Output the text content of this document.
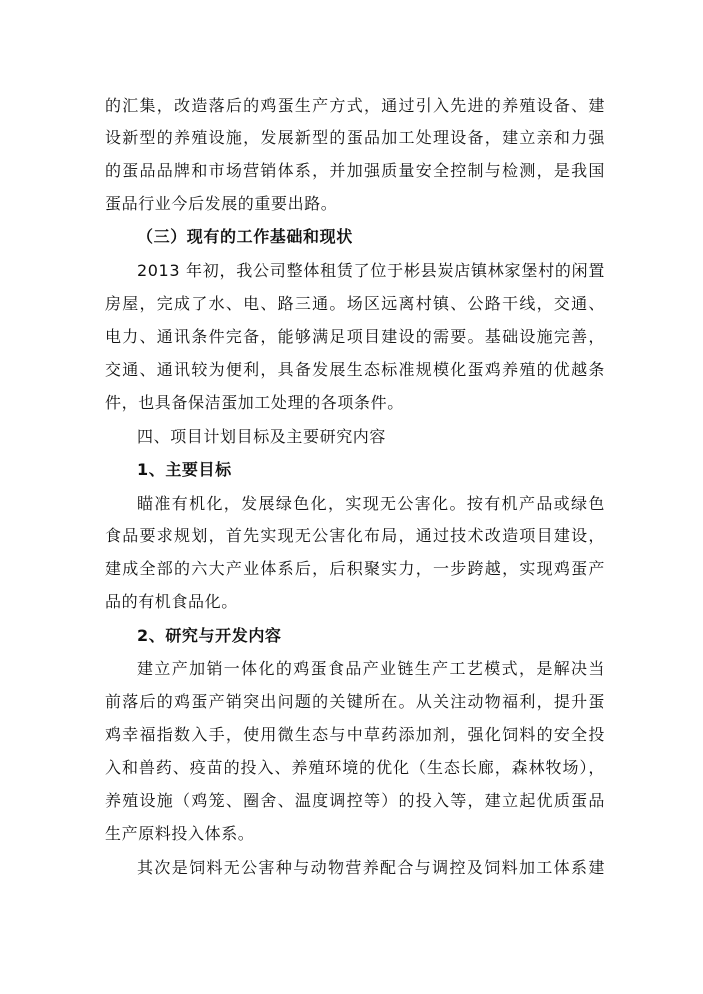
的汇集，改造落后的鸡蛋生产方式，通过引入先进的养殖设备、建
设新型的养殖设施，发展新型的蛋品加工处理设备，建立亲和力强
的蛋品品牌和市场营销体系，并加强质量安全控制与检测，是我国
蛋品行业今后发展的重要出路。
（三）现有的工作基础和现状
2013 年初，我公司整体租赁了位于彬县炭店镇林家堡村的闲置
房屋，完成了水、电、路三通。场区远离村镇、公路干线，交通、
电力、通讯条件完备，能够满足项目建设的需要。基础设施完善，
交通、通讯较为便利，具备发展生态标准规模化蛋鸡养殖的优越条
件，也具备保洁蛋加工处理的各项条件。
四、项目计划目标及主要研究内容
1、主要目标
瞄准有机化，发展绿色化，实现无公害化。按有机产品或绿色
食品要求规划，首先实现无公害化布局，通过技术改造项目建设，
建成全部的六大产业体系后，后积聚实力，一步跨越，实现鸡蛋产
品的有机食品化。
2、研究与开发内容
建立产加销一体化的鸡蛋食品产业链生产工艺模式，是解决当
前落后的鸡蛋产销突出问题的关键所在。从关注动物福利，提升蛋
鸡幸福指数入手，使用微生态与中草药添加剂，强化饲料的安全投
入和兽药、疫苗的投入、养殖环境的优化（生态长廊，森林牧场），
养殖设施（鸡笼、圈舍、温度调控等）的投入等，建立起优质蛋品
生产原料投入体系。
其次是饲料无公害种与动物营养配合与调控及饲料加工体系建
